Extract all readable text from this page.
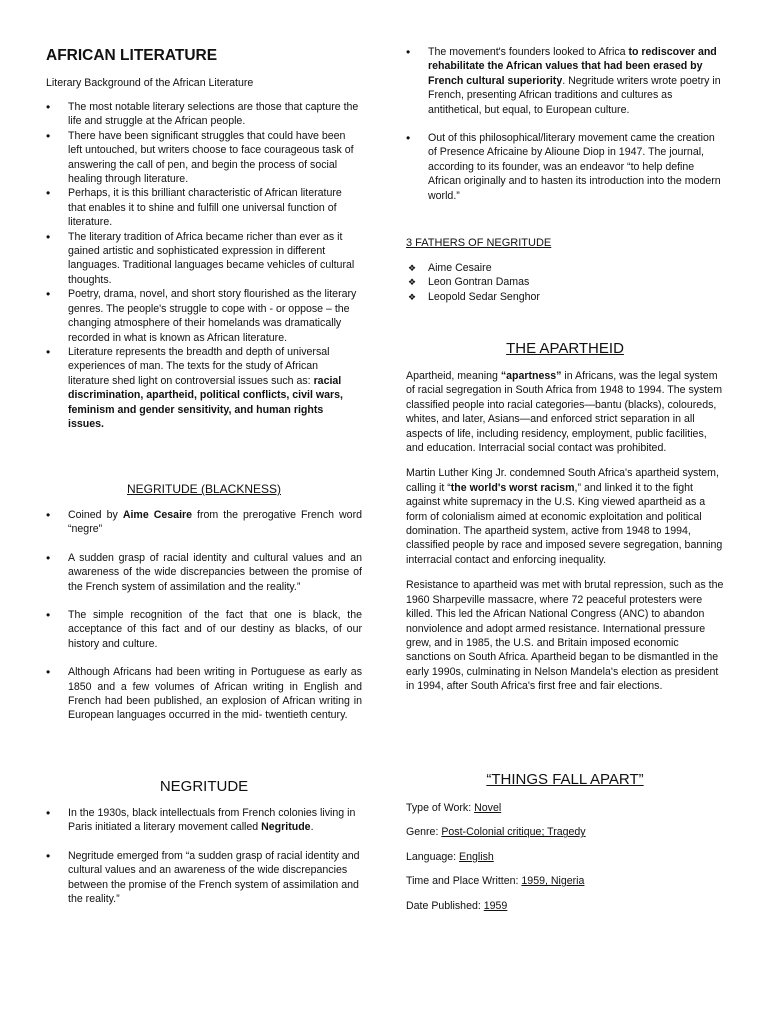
AFRICAN LITERATURE

Literary Background of the African Literature

• The most notable literary selections are those that capture the life and struggle at the African people.
• There have been significant struggles that could have been left untouched, but writers choose to face courageous task of answering the call of pen, and begin the process of social healing through literature.
• Perhaps, it is this brilliant characteristic of African literature that enables it to shine and fulfill one universal function of literature.
• The literary tradition of Africa became richer than ever as it gained artistic and sophisticated expression in different languages. Traditional languages became vehicles of cultural thoughts.
• Poetry, drama, novel, and short story flourished as the literary genres. The people's struggle to cope with - or oppose – the changing atmosphere of their homelands was dramatically recorded in what is known as African literature.
• Literature represents the breadth and depth of universal experiences of man. The texts for the study of African literature shed light on controversial issues such as: racial discrimination, apartheid, political conflicts, civil wars, feminism and gender sensitivity, and human rights issues.
NEGRITUDE (BLACKNESS)
• Coined by Aime Cesaire from the prerogative French word “negre”
• A sudden grasp of racial identity and cultural values and an awareness of the wide discrepancies between the promise of the French system of assimilation and the reality.”
• The simple recognition of the fact that one is black, the acceptance of this fact and of our destiny as blacks, of our history and culture.
• Although Africans had been writing in Portuguese as early as 1850 and a few volumes of African writing in English and French had been published, an explosion of African writing in European languages occurred in the mid- twentieth century.
NEGRITUDE
• In the 1930s, black intellectuals from French colonies living in Paris initiated a literary movement called Negritude.
• Negritude emerged from “a sudden grasp of racial identity and cultural values and an awareness of the wide discrepancies between the promise of the French system of assimilation and the reality.”
• The movement's founders looked to Africa to rediscover and rehabilitate the African values that had been erased by French cultural superiority. Negritude writers wrote poetry in French, presenting African traditions and cultures as antithetical, but equal, to European culture.
• Out of this philosophical/literary movement came the creation of Presence Africaine by Alioune Diop in 1947. The journal, according to its founder, was an endeavor “to help define African originally and to hasten its introduction into the modern world.”

3 FATHERS OF NEGRITUDE

❖ Aime Cesaire
❖ Leon Gontran Damas
❖ Leopold Sedar Senghor
THE APARTHEID

Apartheid, meaning “apartness” in Africans, was the legal system of racial segregation in South Africa from 1948 to 1994. The system classified people into racial categories—bantu (blacks), coloureds, whites, and later, Asians—and enforced strict separation in all aspects of life, including residency, employment, public facilities, and education. Interracial social contact was prohibited.

Martin Luther King Jr. condemned South Africa's apartheid system, calling it “the world's worst racism,” and linked it to the fight against white supremacy in the U.S. King viewed apartheid as a form of colonialism aimed at economic exploitation and political domination. The apartheid system, active from 1948 to 1994, classified people by race and imposed severe segregation, banning interracial contact and enforcing inequality.

Resistance to apartheid was met with brutal repression, such as the 1960 Sharpeville massacre, where 72 peaceful protesters were killed. This led the African National Congress (ANC) to abandon nonviolence and adopt armed resistance. International pressure grew, and in 1985, the U.S. and Britain imposed economic sanctions on South Africa. Apartheid began to be dismantled in the early 1990s, culminating in Nelson Mandela's election as president in 1994, after South Africa's first free and fair elections.

“THINGS FALL APART”

Type of Work: Novel

Genre: Post-Colonial critique; Tragedy

Language: English

Time and Place Written: 1959, Nigeria

Date Published: 1959
